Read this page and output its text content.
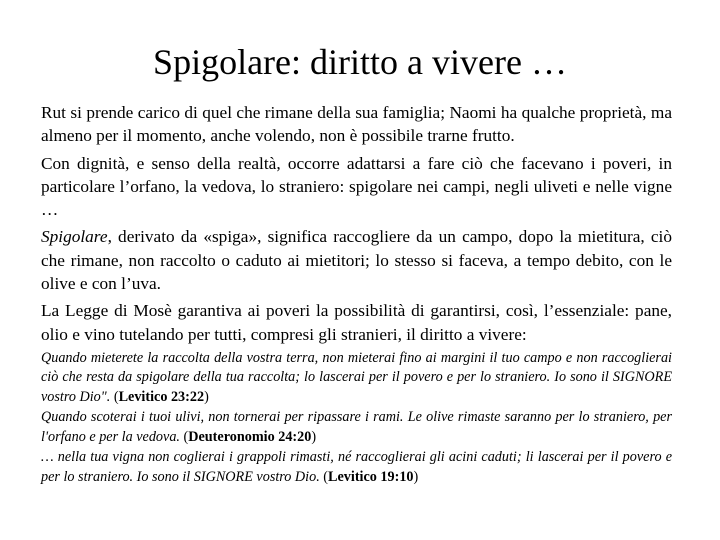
Spigolare: diritto a vivere …

Rut si prende carico di quel che rimane della sua famiglia; Naomi ha qualche proprietà, ma almeno per il momento, anche volendo, non è possibile trarne frutto.

Con dignità, e senso della realtà, occorre adattarsi a fare ciò che facevano i poveri, in particolare l’orfano, la vedova, lo straniero: spigolare nei campi, negli uliveti e nelle vigne …

Spigolare, derivato da «spiga», significa raccogliere da un campo, dopo la mietitura, ciò che rimane, non raccolto o caduto ai mietitori; lo stesso si faceva, a tempo debito, con le olive e con l’uva.

La Legge di Mosè garantiva ai poveri la possibilità di garantirsi, così, l’essenziale: pane, olio e vino tutelando per tutti, compresi gli stranieri, il diritto a vivere:

Quando mieterete la raccolta della vostra terra, non mieterai fino ai margini il tuo campo e non raccoglierai ciò che resta da spigolare della tua raccolta; lo lascerai per il povero e per lo straniero. Io sono il SIGNORE vostro Dio". (Levitico 23:22)

Quando scoterai i tuoi ulivi, non tornerai per ripassare i rami. Le olive rimaste saranno per lo straniero, per l'orfano e per la vedova. (Deuteronomio 24:20)

… nella tua vigna non coglierai i grappoli rimasti, né raccoglierai gli acini caduti; li lascerai per il povero e per lo straniero. Io sono il SIGNORE vostro Dio. (Levitico 19:10)
